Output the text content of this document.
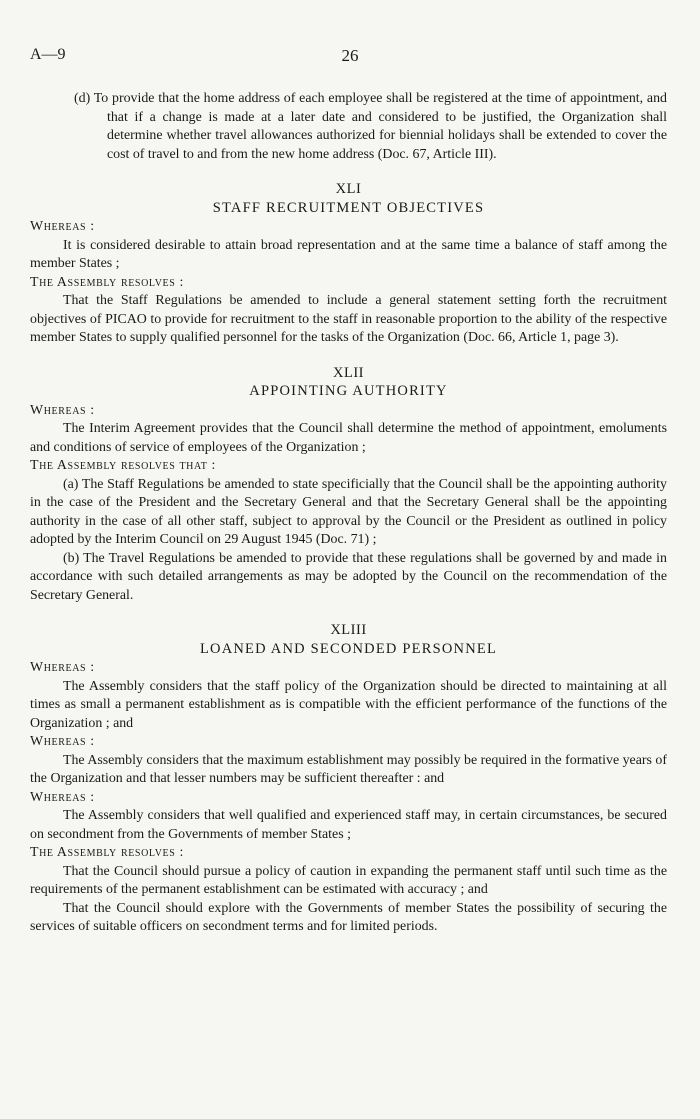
A—9	26

(d) To provide that the home address of each employee shall be registered at the time of appointment, and that if a change is made at a later date and considered to be justified, the Organization shall determine whether travel allowances authorized for biennial holidays shall be extended to cover the cost of travel to and from the new home address (Doc. 67, Article III).

XLI
STAFF RECRUITMENT OBJECTIVES

Whereas :

It is considered desirable to attain broad representation and at the same time a balance of staff among the member States ;

The Assembly resolves :

That the Staff Regulations be amended to include a general statement setting forth the recruitment objectives of PICAO to provide for recruitment to the staff in reasonable proportion to the ability of the respective member States to supply qualified personnel for the tasks of the Organization (Doc. 66, Article 1, page 3).

XLII
APPOINTING AUTHORITY

Whereas :

The Interim Agreement provides that the Council shall determine the method of appointment, emoluments and conditions of service of employees of the Organization ;

The Assembly resolves that :

(a) The Staff Regulations be amended to state specificially that the Council shall be the appointing authority in the case of the President and the Secretary General and that the Secretary General shall be the appointing authority in the case of all other staff, subject to approval by the Council or the President as outlined in policy adopted by the Interim Council on 29 August 1945 (Doc. 71) ;

(b) The Travel Regulations be amended to provide that these regulations shall be governed by and made in accordance with such detailed arrangements as may be adopted by the Council on the recommendation of the Secretary General.

XLIII
LOANED AND SECONDED PERSONNEL

Whereas :

The Assembly considers that the staff policy of the Organization should be directed to maintaining at all times as small a permanent establishment as is compatible with the efficient performance of the functions of the Organization ; and

Whereas :

The Assembly considers that the maximum establishment may possibly be required in the formative years of the Organization and that lesser numbers may be sufficient thereafter : and

Whereas :

The Assembly considers that well qualified and experienced staff may, in certain circumstances, be secured on secondment from the Governments of member States ;

The Assembly resolves :

That the Council should pursue a policy of caution in expanding the permanent staff until such time as the requirements of the permanent establishment can be estimated with accuracy ; and

That the Council should explore with the Governments of member States the possibility of securing the services of suitable officers on secondment terms and for limited periods.
